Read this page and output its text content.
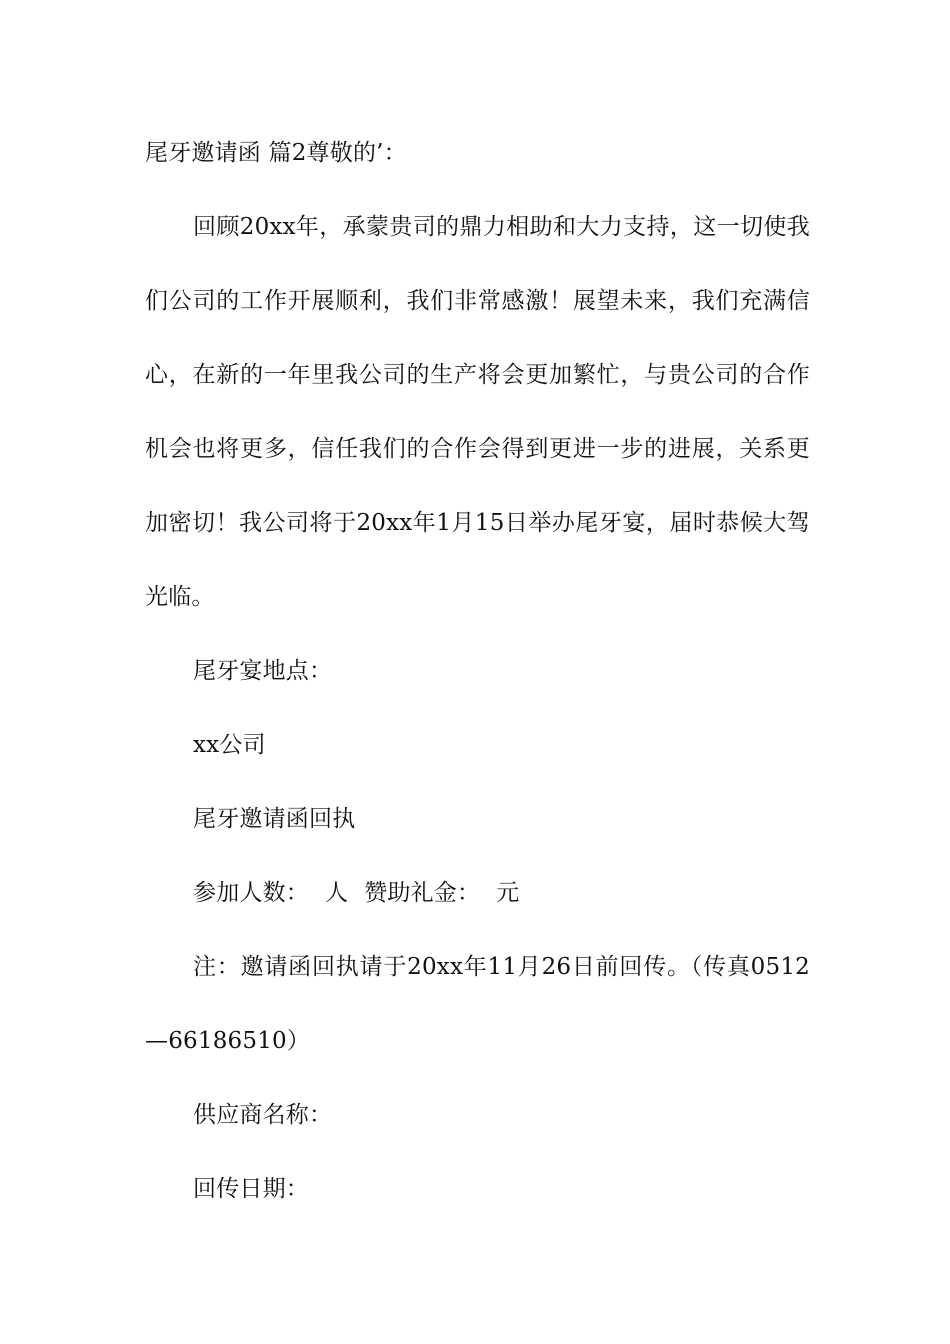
尾牙邀请函 篇2尊敬的’：

回顾20xx年，承蒙贵司的鼎力相助和大力支持，这一切使我们公司的工作开展顺利，我们非常感激！展望未来，我们充满信心，在新的一年里我公司的生产将会更加繁忙，与贵公司的合作机会也将更多，信任我们的合作会得到更进一步的进展，关系更加密切！我公司将于20xx年1月15日举办尾牙宴，届时恭候大驾光临。

尾牙宴地点：

xx公司

尾牙邀请函回执

参加人数： 人 赞助礼金： 元

注：邀请函回执请于20xx年11月26日前回传。（传真0512—66186510）

供应商名称：

回传日期：
